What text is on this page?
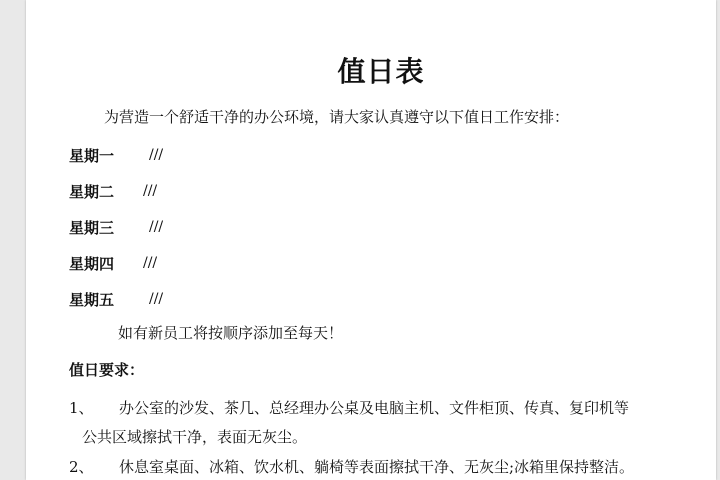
值日表
为营造一个舒适干净的办公环境，请大家认真遵守以下值日工作安排：
星期一 ///
星期二 ///
星期三 ///
星期四 ///
星期五 ///
如有新员工将按顺序添加至每天！
值日要求：
1、 办公室的沙发、茶几、总经理办公桌及电脑主机、文件柜顶、传真、复印机等
公共区域擦拭干净，表面无灰尘。
2、 休息室桌面、冰箱、饮水机、躺椅等表面擦拭干净、无灰尘;冰箱里保持整洁。
